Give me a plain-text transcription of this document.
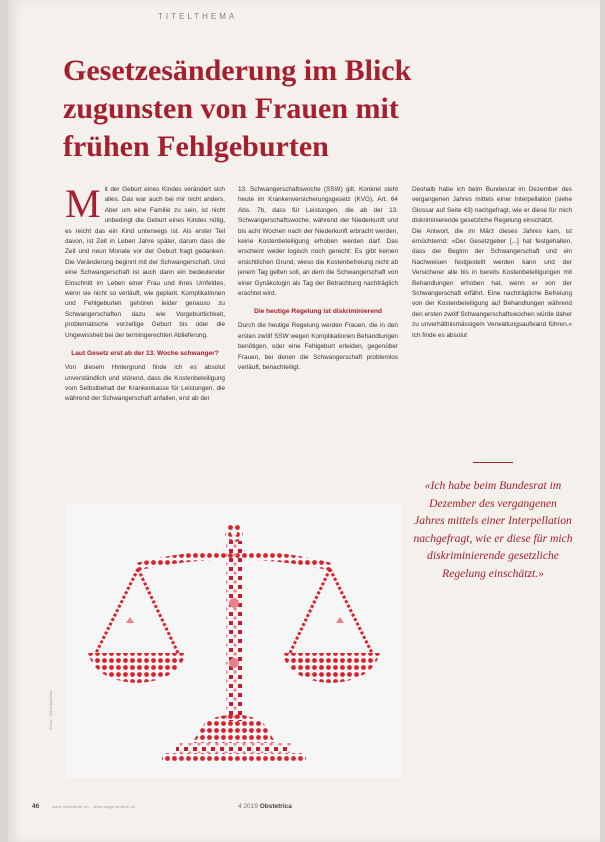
TITELTHEMA
Gesetzesänderung im Blick zugunsten von Frauen mit frühen Fehlgeburten

Mit der Geburt eines Kindes verändert sich alles. Das war auch bei mir nicht anders. Aber um eine Familie zu sein, ist nicht unbedingt die Geburt eines Kindes nötig, es reicht das ein Kind unterwegs ist. Als erster Teil davon, ist Zeit in Leben Jahre später, darum dass die Zeit und neun Monate vor der Geburt fragt gedanken. Die Veränderung beginnt mit der Schwangerschaft. Und eine Schwangerschaft ist auch dann ein bedeutender Einschnitt im Leben einer Frau und ihres Umfeldes, wenn sie nicht so verläuft, wie geplant. Komplikationen und Fehlgeburten gehören leider genauso zu Schwangerschaften dazu wie Vorgeburtlichkeit, problematische vorzeitige Geburt bis oder die Ungewissheit bei der termingerechten Ablieferung.

Laut Gesetz erst ab der 13. Woche schwanger?

Von diesem Hintergrund finde ich es absolut unverständlich und störend, dass die Kostenbeteiligung vom Selbstbehalt der Krankenkasse für Leistungen, die während der Schwangerschaft anfallen, erst ab der

13. Schwangerschaftswoche (SSW) gilt. Konkret steht heute im Krankenversicherungsgesetz (KVG), Art. 64 Abs. 7b, dass für Leistungen, die ab der 13. Schwangerschaftswoche, während der Niederkunft und bis acht Wochen nach der Niederkunft erbracht werden, keine Kostenbeteiligung erhoben werden darf. Das erscheint weder logisch noch gerecht: Es gibt keinen ersichtlichen Grund, wieso die Kostenbefreiung nicht ab jenem Tag gelten soll, an dem die Schwangerschaft von einer Gynäkologin als Tag der Betrachtung nachträglich erachtet wird.

Die heutige Regelung ist diskriminierend

Durch die heutige Regelung werden Frauen, die in den ersten zwölf SSW wegen Komplikationen Behandlungen benötigen, oder eine Fehlgeburt erleiden, gegenüber Frauen, bei denen die Schwangerschaft problemlos verläuft, benachteiligt.

Deshalb habe ich beim Bundesrat im Dezember des vergangenen Jahres mittels einer Interpellation (siehe Glossar auf Seite 43) nachgefragt, wie er diese für mich diskriminierende gesetzliche Regelung einschätzt.

Die Antwort, die im März dieses Jahres kam, ist ernüchternd: «Der Gesetzgeber [...] hat festgehalten, dass der Beginn der Schwangerschaft und ein Nachweisen festgestellt werden kann und der Versicherer alle bis in bereits Kostenbeteiligungen mit Behandlungen erhoben hat, wenn er von der Schwangerschaft erfährt. Eine nachträgliche Befreiung von der Kostenbeteiligung auf Behandlungen während den ersten zwölf Schwangerschaftswochen würde daher zu unverhältnismässigem Verwaltungsaufwand führen.» Ich finde es absolut

«Ich habe beim Bundesrat im Dezember des vergangenen Jahres mittels einer Interpellation nachgefragt, wie er diese für mich diskriminierende gesetzliche Regelung einschätzt.»

Foto: iStockphoto
46	www.hebamme.ch · www.sage-femme.ch	4 2019 Obstetrica
